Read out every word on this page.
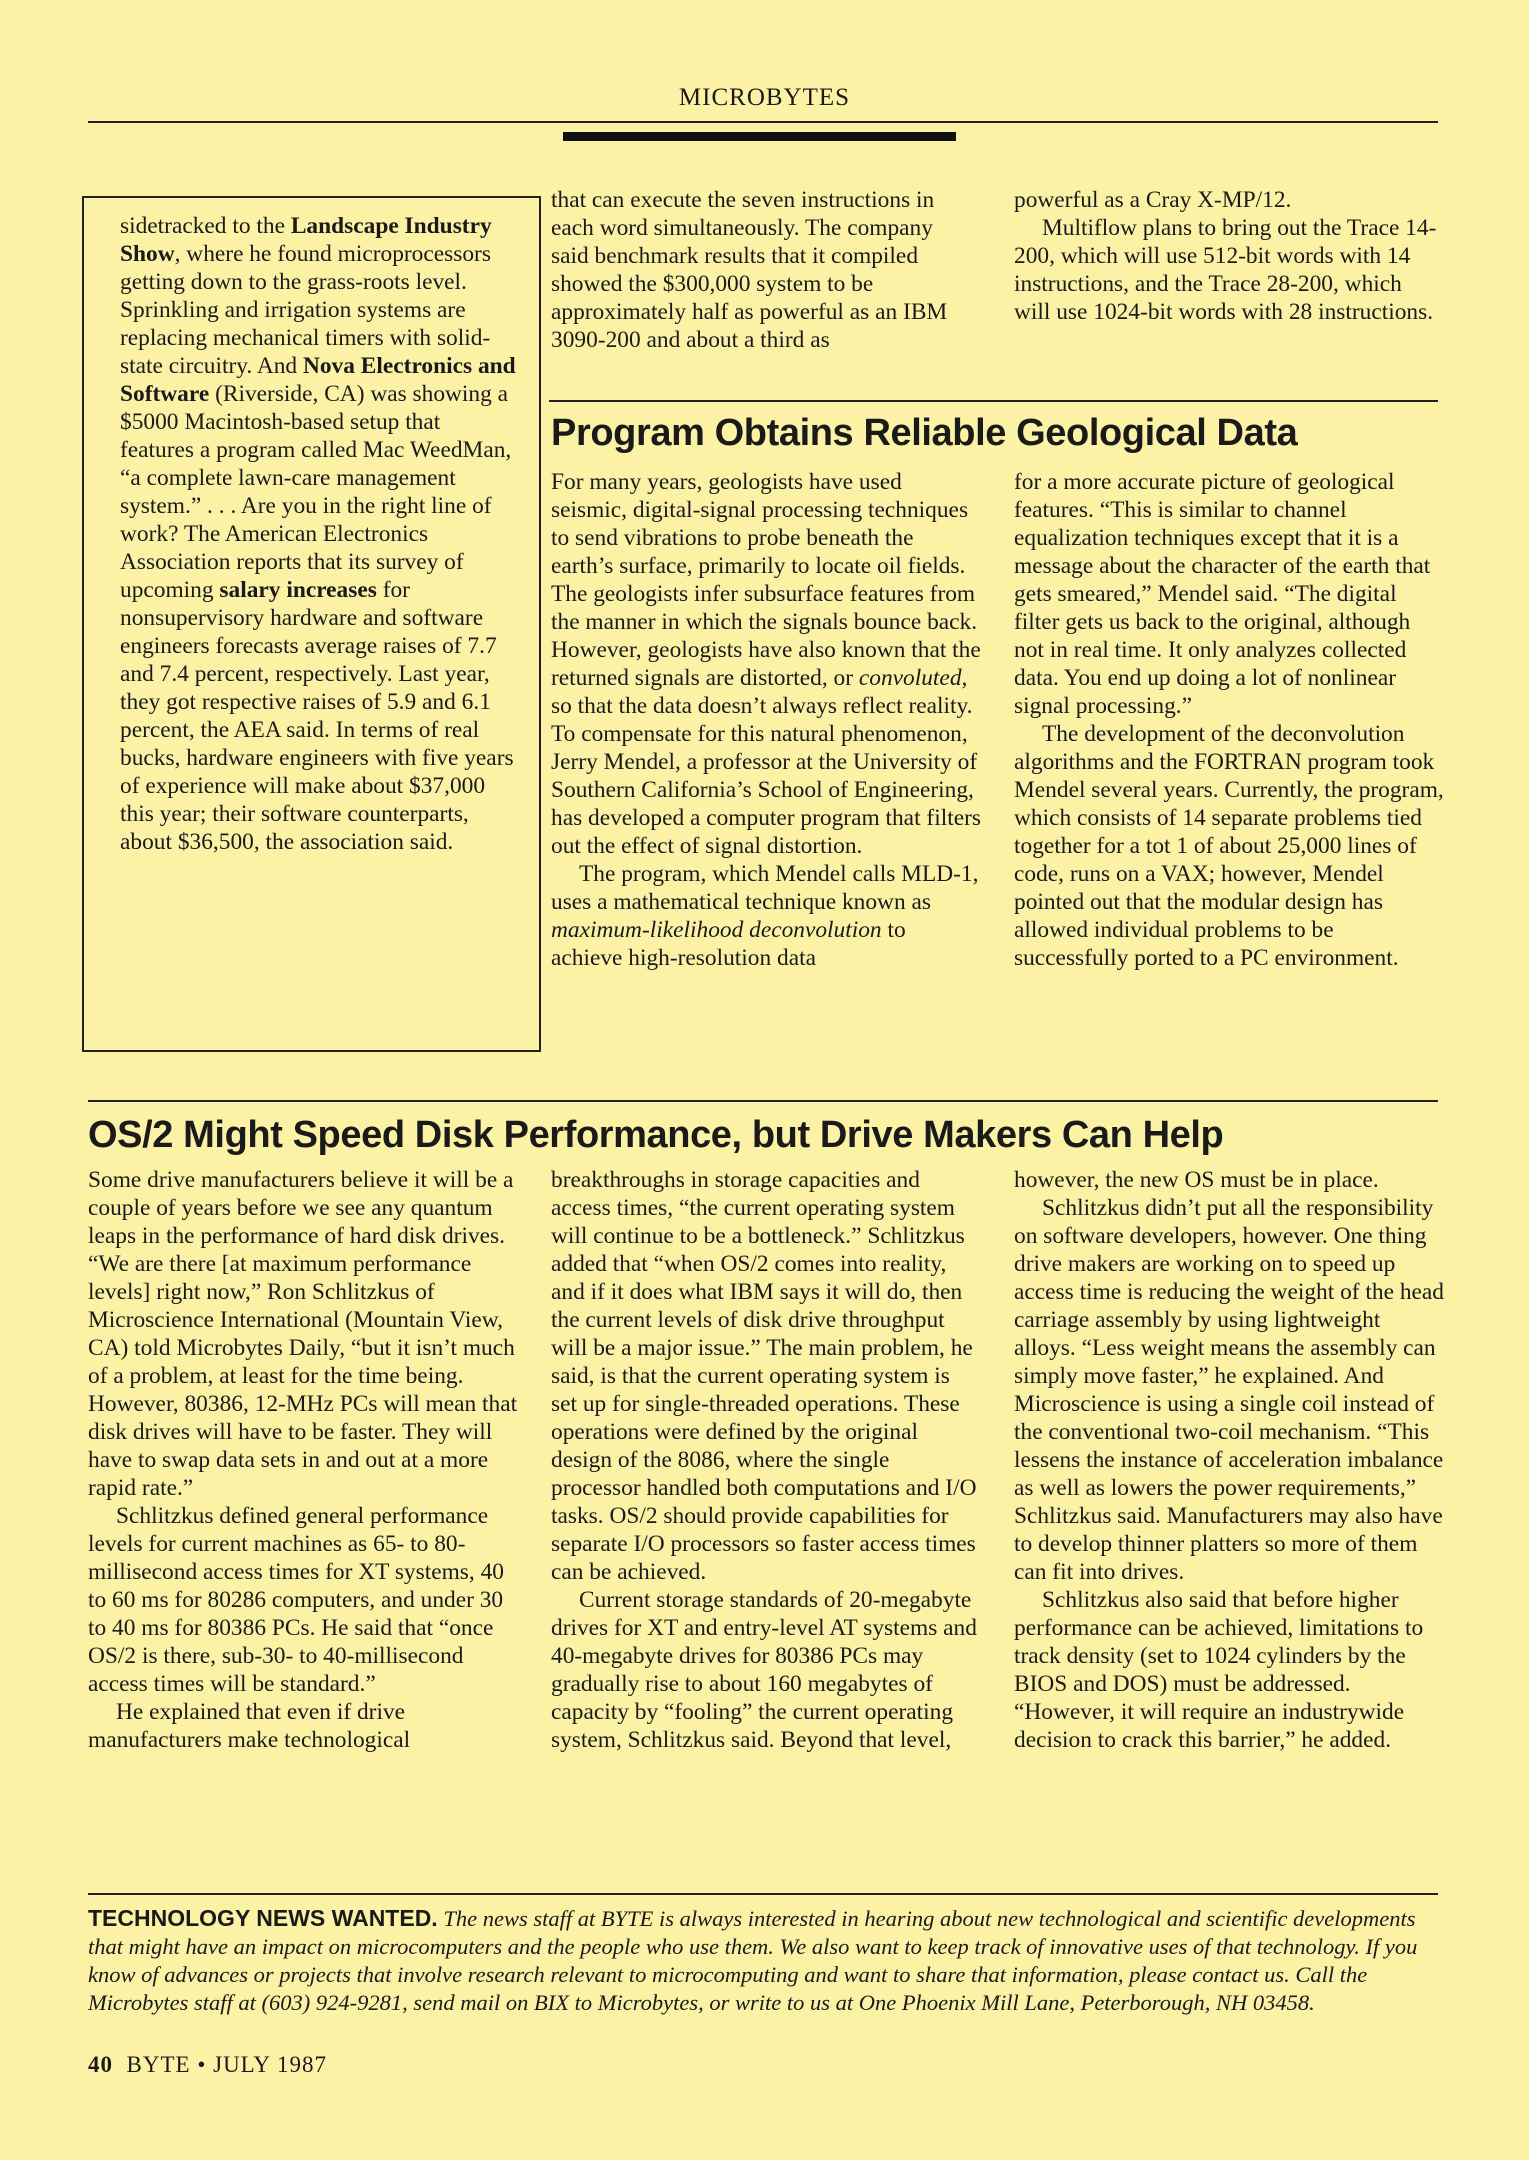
MICROBYTES

sidetracked to the Landscape Industry Show, where he found microprocessors getting down to the grass-roots level. Sprinkling and irrigation systems are replacing mechanical timers with solid-state circuitry. And Nova Electronics and Software (Riverside, CA) was showing a $5000 Macintosh-based setup that features a program called Mac WeedMan, “a complete lawn-care management system.” . . . Are you in the right line of work? The American Electronics Association reports that its survey of upcoming salary increases for nonsupervisory hardware and software engineers forecasts average raises of 7.7 and 7.4 percent, respectively. Last year, they got respective raises of 5.9 and 6.1 percent, the AEA said. In terms of real bucks, hardware engineers with five years of experience will make about $37,000 this year; their software counterparts, about $36,500, the association said.

that can execute the seven instructions in each word simultaneously. The company said benchmark results that it compiled showed the $300,000 system to be approximately half as powerful as an IBM 3090-200 and about a third as

powerful as a Cray X-MP/12.

Multiflow plans to bring out the Trace 14-200, which will use 512-bit words with 14 instructions, and the Trace 28-200, which will use 1024-bit words with 28 instructions.

Program Obtains Reliable Geological Data

For many years, geologists have used seismic, digital-signal processing techniques to send vibrations to probe beneath the earth’s surface, primarily to locate oil fields. The geologists infer subsurface features from the manner in which the signals bounce back. However, geologists have also known that the returned signals are distorted, or convoluted, so that the data doesn’t always reflect reality. To compensate for this natural phenomenon, Jerry Mendel, a professor at the University of Southern California’s School of Engineering, has developed a computer program that filters out the effect of signal distortion.

The program, which Mendel calls MLD-1, uses a mathematical technique known as maximum-likelihood deconvolution to achieve high-resolution data

for a more accurate picture of geological features. “This is similar to channel equalization techniques except that it is a message about the character of the earth that gets smeared,” Mendel said. “The digital filter gets us back to the original, although not in real time. It only analyzes collected data. You end up doing a lot of nonlinear signal processing.”

The development of the deconvolution algorithms and the FORTRAN program took Mendel several years. Currently, the program, which consists of 14 separate problems tied together for a tot 1 of about 25,000 lines of code, runs on a VAX; however, Mendel pointed out that the modular design has allowed individual problems to be successfully ported to a PC environment.

OS/2 Might Speed Disk Performance, but Drive Makers Can Help

Some drive manufacturers believe it will be a couple of years before we see any quantum leaps in the performance of hard disk drives. “We are there [at maximum performance levels] right now,” Ron Schlitzkus of Microscience International (Mountain View, CA) told Microbytes Daily, “but it isn’t much of a problem, at least for the time being. However, 80386, 12-MHz PCs will mean that disk drives will have to be faster. They will have to swap data sets in and out at a more rapid rate.”

Schlitzkus defined general performance levels for current machines as 65- to 80-millisecond access times for XT systems, 40 to 60 ms for 80286 computers, and under 30 to 40 ms for 80386 PCs. He said that “once OS/2 is there, sub-30- to 40-millisecond access times will be standard.”

He explained that even if drive manufacturers make technological

breakthroughs in storage capacities and access times, “the current operating system will continue to be a bottleneck.” Schlitzkus added that “when OS/2 comes into reality, and if it does what IBM says it will do, then the current levels of disk drive throughput will be a major issue.” The main problem, he said, is that the current operating system is set up for single-threaded operations. These operations were defined by the original design of the 8086, where the single processor handled both computations and I/O tasks. OS/2 should provide capabilities for separate I/O processors so faster access times can be achieved.

Current storage standards of 20-megabyte drives for XT and entry-level AT systems and 40-megabyte drives for 80386 PCs may gradually rise to about 160 megabytes of capacity by “fooling” the current operating system, Schlitzkus said. Beyond that level,

however, the new OS must be in place.

Schlitzkus didn’t put all the responsibility on software developers, however. One thing drive makers are working on to speed up access time is reducing the weight of the head carriage assembly by using lightweight alloys. “Less weight means the assembly can simply move faster,” he explained. And Microscience is using a single coil instead of the conventional two-coil mechanism. “This lessens the instance of acceleration imbalance as well as lowers the power requirements,” Schlitzkus said. Manufacturers may also have to develop thinner platters so more of them can fit into drives.

Schlitzkus also said that before higher performance can be achieved, limitations to track density (set to 1024 cylinders by the BIOS and DOS) must be addressed. “However, it will require an industrywide decision to crack this barrier,” he added.

TECHNOLOGY NEWS WANTED. The news staff at BYTE is always interested in hearing about new technological and scientific developments that might have an impact on microcomputers and the people who use them. We also want to keep track of innovative uses of that technology. If you know of advances or projects that involve research relevant to microcomputing and want to share that information, please contact us. Call the Microbytes staff at (603) 924-9281, send mail on BIX to Microbytes, or write to us at One Phoenix Mill Lane, Peterborough, NH 03458.
40 BYTE • JULY 1987
